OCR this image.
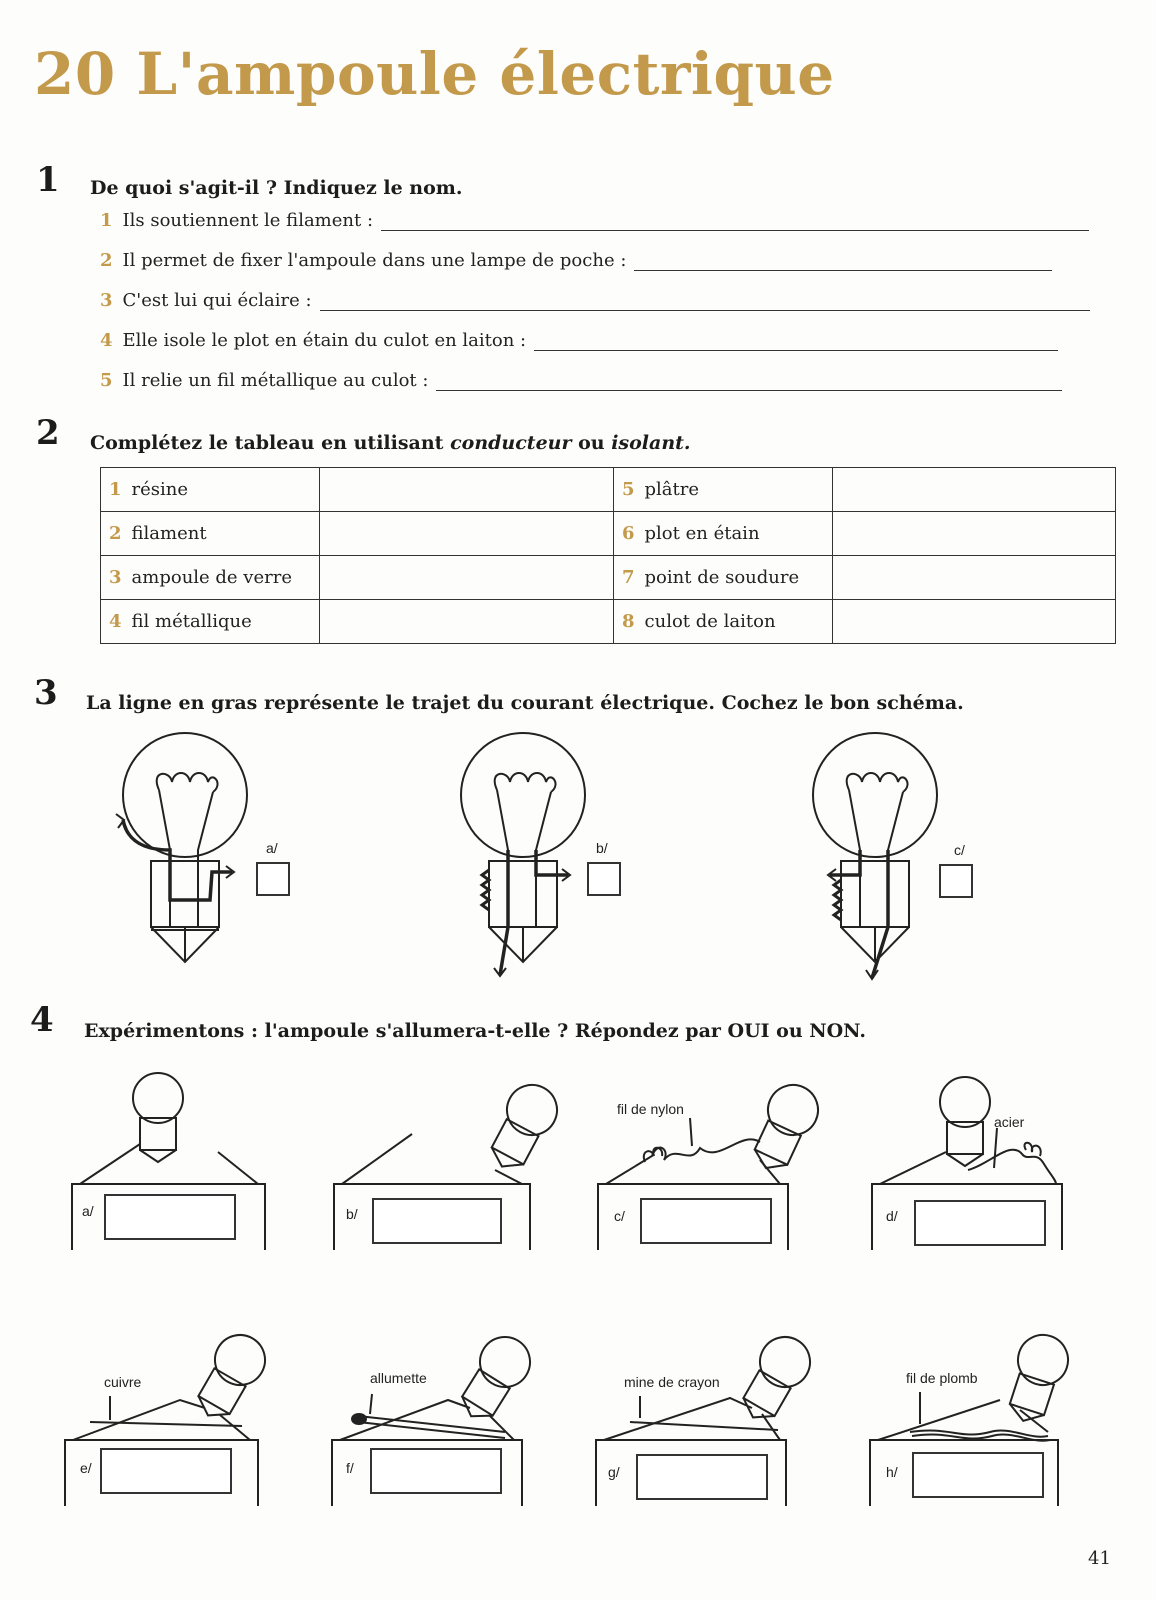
20 L'ampoule électrique
1 De quoi s'agit-il ? Indiquez le nom.
1 Ils soutiennent le filament :
2 Il permet de fixer l'ampoule dans une lampe de poche :
3 C'est lui qui éclaire :
4 Elle isole le plot en étain du culot en laiton :
5 Il relie un fil métallique au culot :
2 Complétez le tableau en utilisant conducteur ou isolant.
1 résine		5 plâtre	
2 filament		6 plot en étain	
3 ampoule de verre		7 point de soudure	
4 fil métallique		8 culot de laiton	
3 La ligne en gras représente le trajet du courant électrique. Cochez le bon schéma.
a/	b/	c/
4 Expérimentons : l'ampoule s'allumera-t-elle ? Répondez par OUI ou NON.
a/	b/	c/	d/
e/	f/	g/	h/
fil de nylon
acier
cuivre	allumette	mine de crayon	fil de plomb
41
